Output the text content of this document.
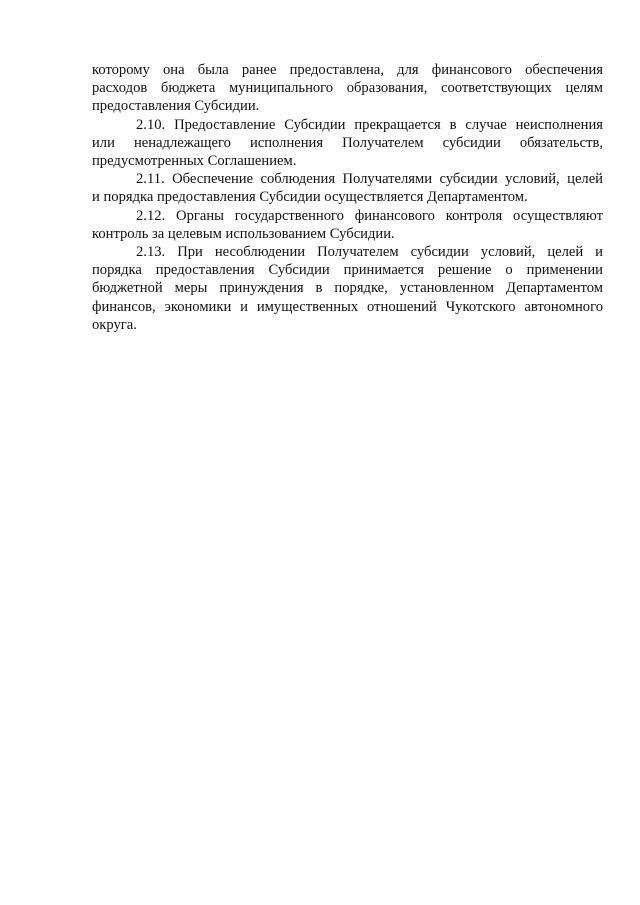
которому она была ранее предоставлена, для финансового обеспечения
расходов бюджета муниципального образования, соответствующих целям
предоставления Субсидии.

2.10. Предоставление Субсидии прекращается в случае неисполнения
или ненадлежащего исполнения Получателем субсидии обязательств,
предусмотренных Соглашением.

2.11. Обеспечение соблюдения Получателями субсидии условий, целей
и порядка предоставления Субсидии осуществляется Департаментом.

2.12. Органы государственного финансового контроля осуществляют
контроль за целевым использованием Субсидии.

2.13. При несоблюдении Получателем субсидии условий, целей и
порядка предоставления Субсидии принимается решение о применении
бюджетной меры принуждения в порядке, установленном Департаментом
финансов, экономики и имущественных отношений Чукотского автономного
округа.
